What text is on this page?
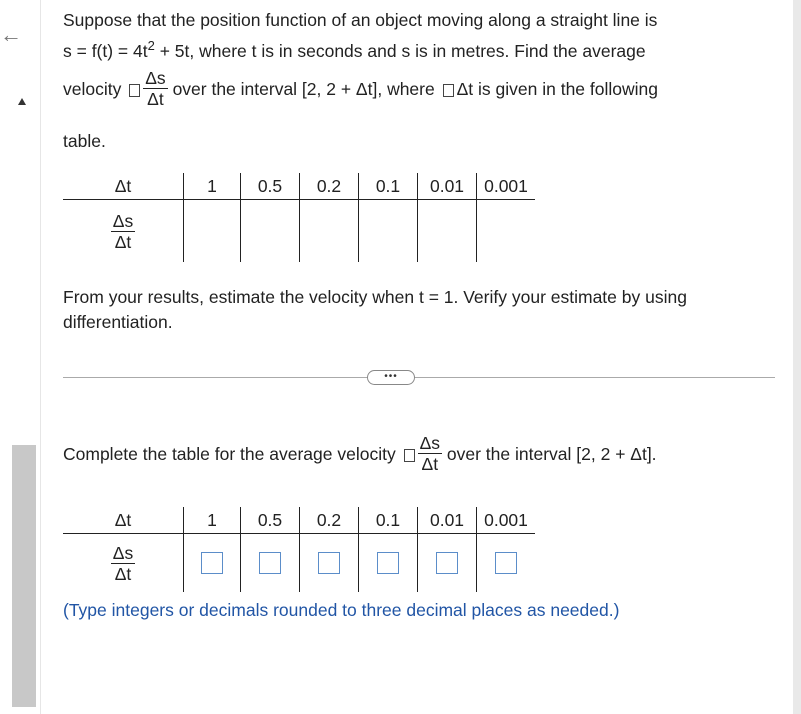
←
Suppose that the position function of an object moving along a straight line is
$s = f(t) = 4t^2 + 5t$, where t is in seconds and s is in metres. Find the average
velocity $\frac{\Delta s}{\Delta t}$ over the interval [2, 2 + Δt], where Δt is given in the following
table.
Δt	1	0.5	0.2	0.1	0.01	0.001

$\frac{\Delta s}{\Delta t}$

From your results, estimate the velocity when t = 1. Verify your estimate by using differentiation.
•••
Complete the table for the average velocity $\frac{\Delta s}{\Delta t}$ over the interval [2, 2 + Δt].
Δt	1	0.5	0.2	0.1	0.01	0.001

$\frac{\Delta s}{\Delta t}$

(Type integers or decimals rounded to three decimal places as needed.)
